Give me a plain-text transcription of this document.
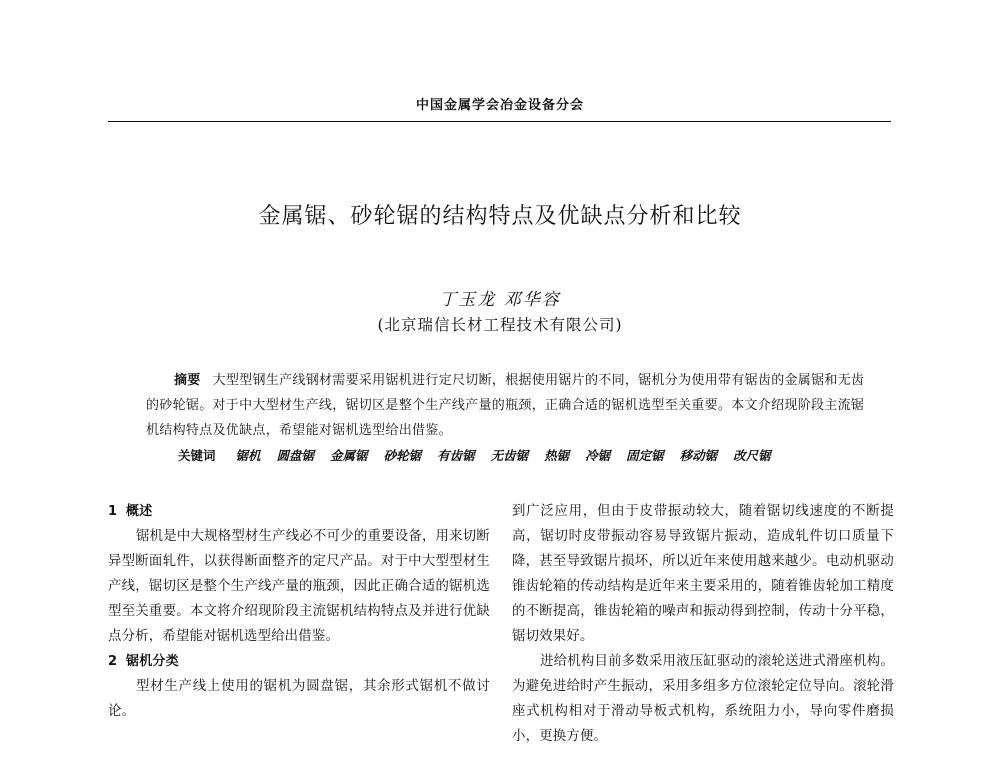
中国金属学会冶金设备分会
金属锯、砂轮锯的结构特点及优缺点分析和比较
丁玉龙 邓华容
(北京瑞信长材工程技术有限公司)

摘要 大型型钢生产线钢材需要采用锯机进行定尺切断，根据使用锯片的不同，锯机分为使用带有锯齿的金属锯和无齿的砂轮锯。对于中大型材生产线，锯切区是整个生产线产量的瓶颈，正确合适的锯机选型至关重要。本文介绍现阶段主流锯机结构特点及优缺点，希望能对锯机选型给出借鉴。

关键词 锯机 圆盘锯 金属锯 砂轮锯 有齿锯 无齿锯 热锯 冷锯 固定锯 移动锯 改尺锯
1 概述

锯机是中大规格型材生产线必不可少的重要设备，用来切断异型断面轧件，以获得断面整齐的定尺产品。对于中大型型材生产线，锯切区是整个生产线产量的瓶颈，因此正确合适的锯机选型至关重要。本文将介绍现阶段主流锯机结构特点及并进行优缺点分析，希望能对锯机选型给出借鉴。

2 锯机分类

型材生产线上使用的锯机为圆盘锯，其余形式锯机不做讨论。

到广泛应用，但由于皮带振动较大，随着锯切线速度的不断提高，锯切时皮带振动容易导致锯片振动，造成轧件切口质量下降，甚至导致锯片损坏，所以近年来使用越来越少。电动机驱动锥齿轮箱的传动结构是近年来主要采用的，随着锥齿轮加工精度的不断提高，锥齿轮箱的噪声和振动得到控制，传动十分平稳，锯切效果好。

进给机构目前多数采用液压缸驱动的滚轮送进式滑座机构。为避免进给时产生振动，采用多组多方位滚轮定位导向。滚轮滑座式机构相对于滑动导板式机构，系统阻力小，导向零件磨损小，更换方便。
